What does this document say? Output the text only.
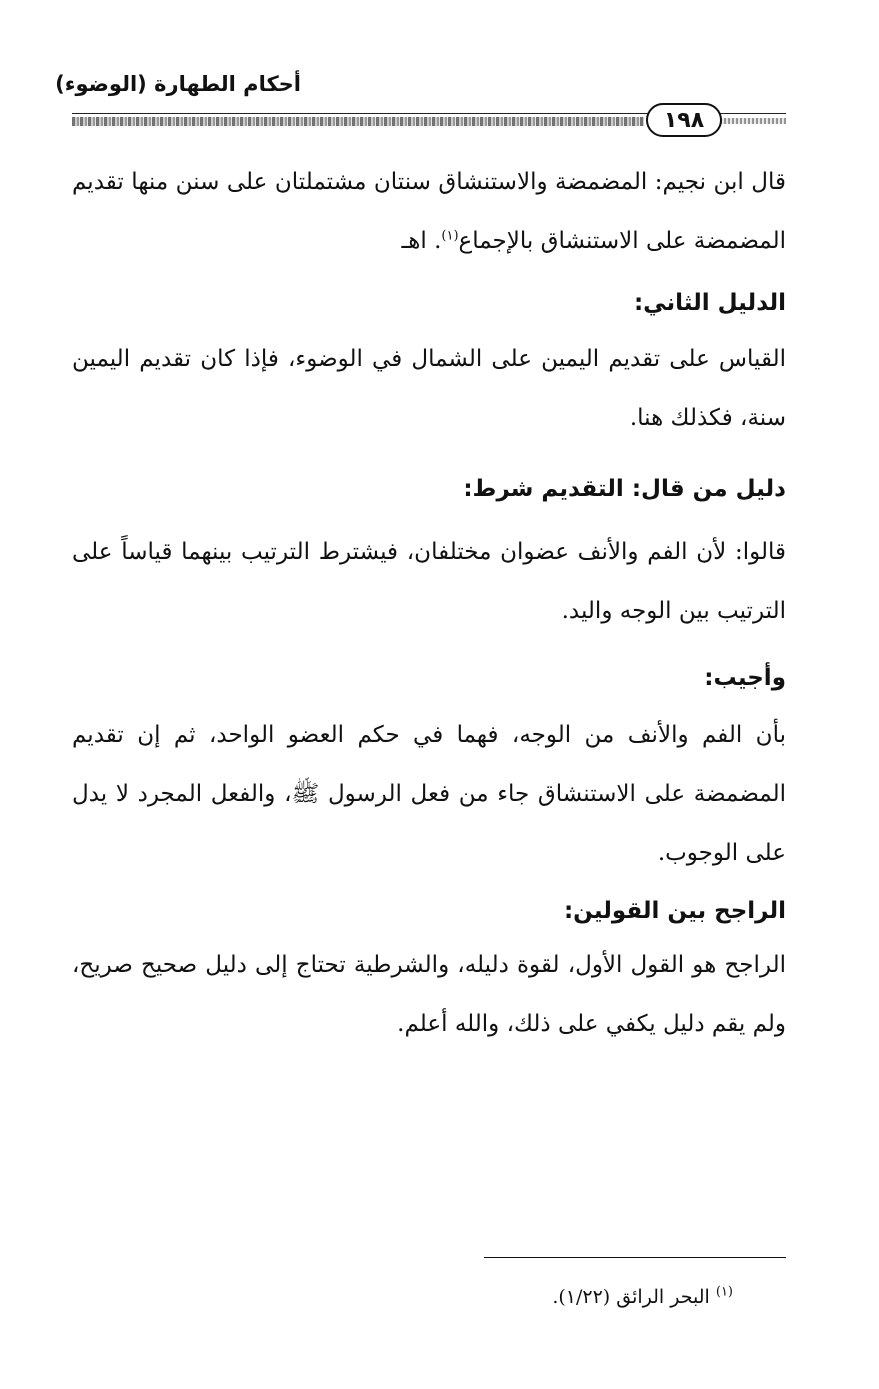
أحكام الطهارة (الوضوء)
١٩٨
قال ابن نجيم: المضمضة والاستنشاق سنتان مشتملتان على سنن منها تقديم المضمضة على الاستنشاق بالإجماع$^{(١)}$. اهـ
الدليل الثاني:
القياس على تقديم اليمين على الشمال في الوضوء، فإذا كان تقديم اليمين سنة، فكذلك هنا.
دليل من قال: التقديم شرط:
قالوا: لأن الفم والأنف عضوان مختلفان، فيشترط الترتيب بينهما قياساً على الترتيب بين الوجه واليد.
وأجيب:
بأن الفم والأنف من الوجه، فهما في حكم العضو الواحد، ثم إن تقديم المضمضة على الاستنشاق جاء من فعل الرسول ﷺ، والفعل المجرد لا يدل على الوجوب.
الراجح بين القولين:
الراجح هو القول الأول، لقوة دليله، والشرطية تحتاج إلى دليل صحيح صريح، ولم يقم دليل يكفي على ذلك، والله أعلم.
$^{(١)}$ البحر الرائق (١/٢٢).
